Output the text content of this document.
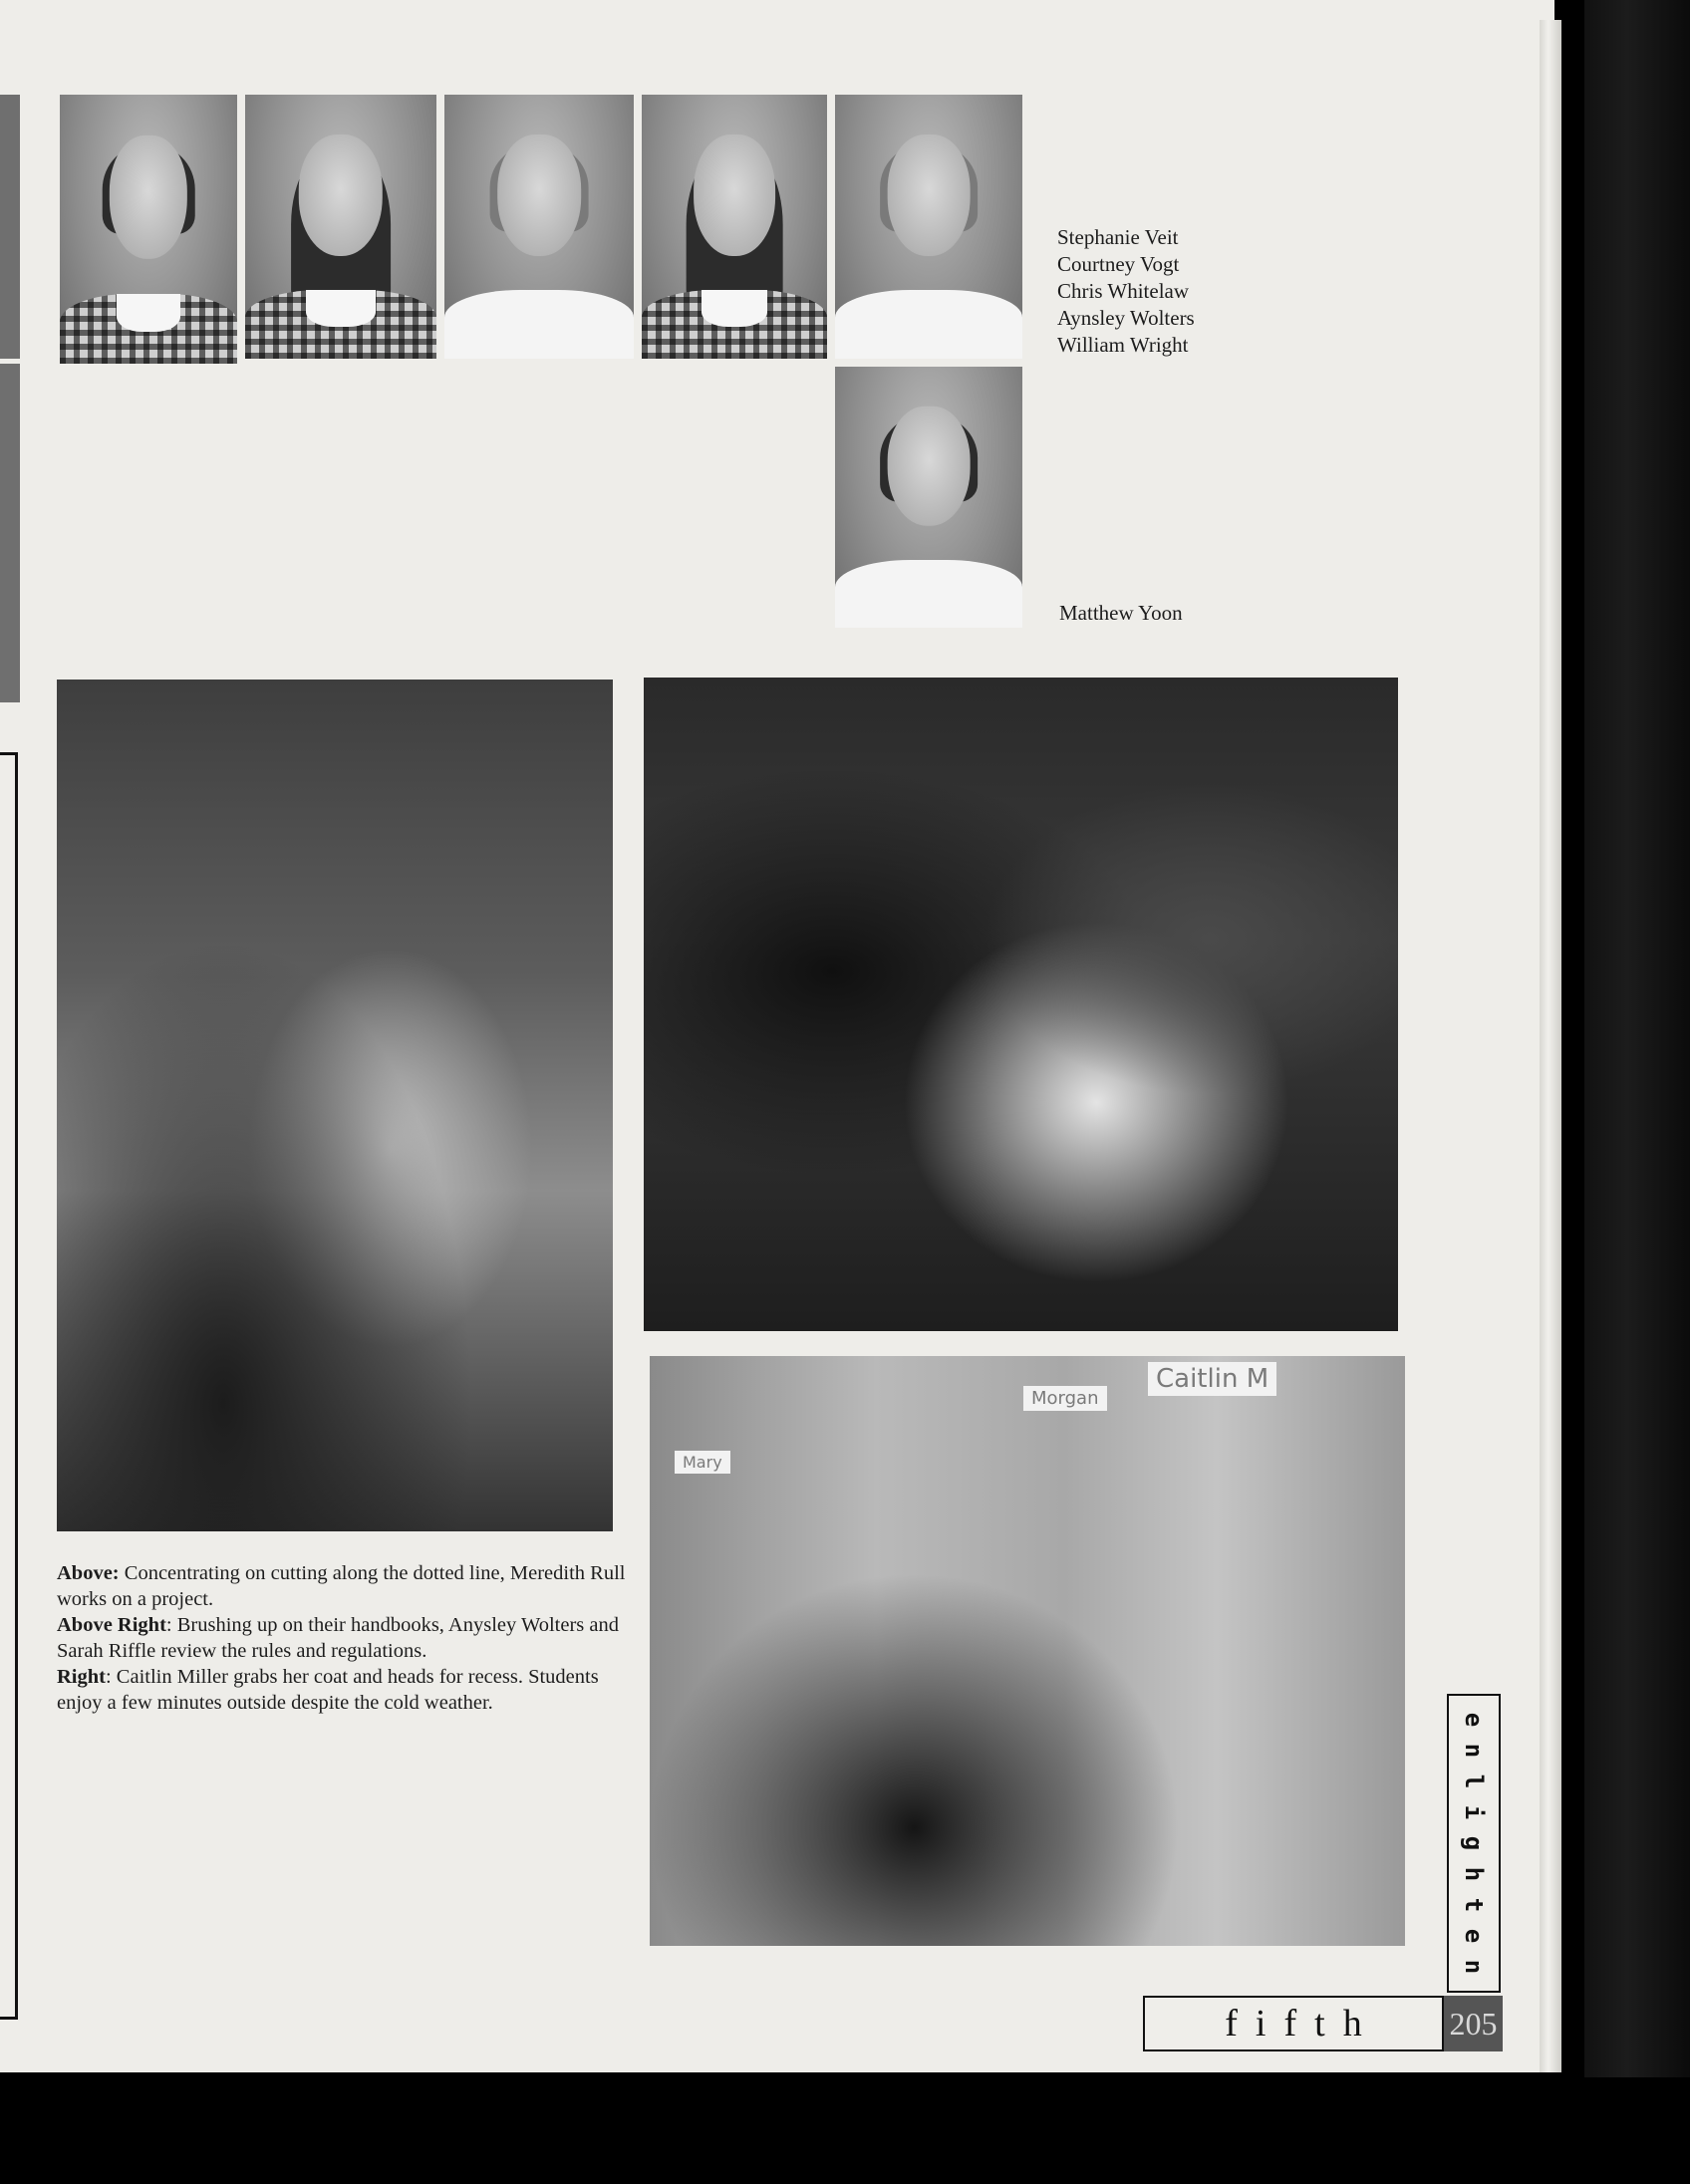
Stephanie Veit
Courtney Vogt
Chris Whitelaw
Aynsley Wolters
William Wright
Matthew Yoon
Caitlin M
Morgan
Mary

Above: Concentrating on cutting along the dotted line, Meredith Rull works on a project.

Above Right: Brushing up on their handbooks, Anysley Wolters and Sarah Riffle review the rules and regulations.

Right: Caitlin Miller grabs her coat and heads for recess. Students enjoy a few minutes outside despite the cold weather.

e
n
l
i
g
h
t
e
n
fifth 205
